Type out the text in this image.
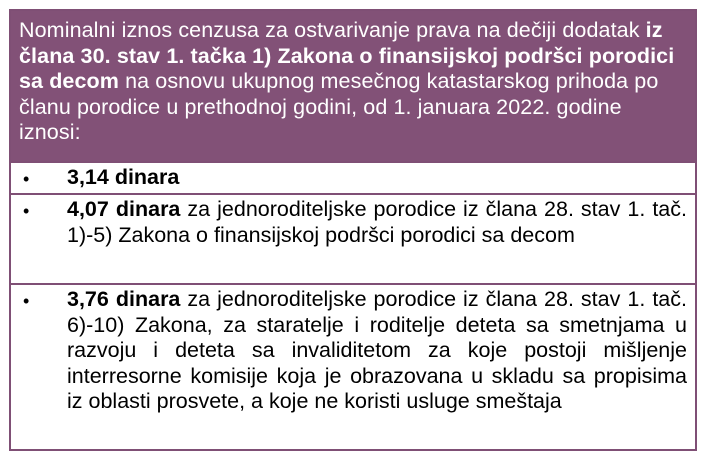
Nominalni iznos cenzusa za ostvarivanje prava na dečiji dodatak iz člana 30. stav 1. tačka 1) Zakona o finansijskoj podršci porodici sa decom na osnovu ukupnog mesečnog katastarskog prihoda po članu porodice u prethodnoj godini, od 1. januara 2022. godine iznosi:
• 3,14 dinara
• 4,07 dinara za jednoroditeljske porodice iz člana 28. stav 1. tač. 1)-5) Zakona o finansijskoj podršci porodici sa decom
• 3,76 dinara za jednoroditeljske porodice iz člana 28. stav 1. tač. 6)-10) Zakona, za staratelje i roditelje deteta sa smetnjama u razvoju i deteta sa invaliditetom za koje postoji mišljenje interresorne komisije koja je obrazovana u skladu sa propisima iz oblasti prosvete, a koje ne koristi usluge smeštaja
